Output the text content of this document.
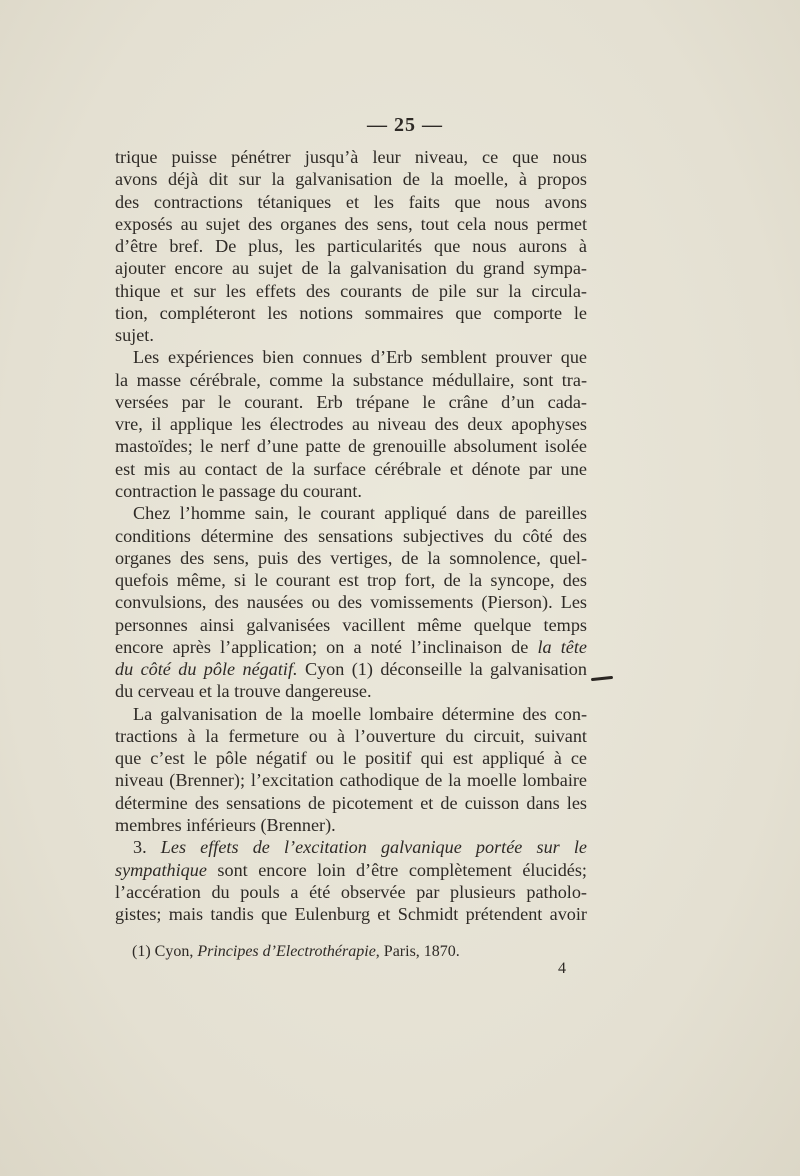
— 25 —
trique puisse pénétrer jusqu’à leur niveau, ce que nous
avons déjà dit sur la galvanisation de la moelle, à propos
des contractions tétaniques et les faits que nous avons
exposés au sujet des organes des sens, tout cela nous permet
d’être bref. De plus, les particularités que nous aurons à
ajouter encore au sujet de la galvanisation du grand sympa-
thique et sur les effets des courants de pile sur la circula-
tion, compléteront les notions sommaires que comporte le
sujet.
Les expériences bien connues d’Erb semblent prouver que
la masse cérébrale, comme la substance médullaire, sont tra-
versées par le courant. Erb trépane le crâne d’un cada-
vre, il applique les électrodes au niveau des deux apophyses
mastoïdes; le nerf d’une patte de grenouille absolument isolée
est mis au contact de la surface cérébrale et dénote par une
contraction le passage du courant.
Chez l’homme sain, le courant appliqué dans de pareilles
conditions détermine des sensations subjectives du côté des
organes des sens, puis des vertiges, de la somnolence, quel-
quefois même, si le courant est trop fort, de la syncope, des
convulsions, des nausées ou des vomissements (Pierson). Les
personnes ainsi galvanisées vacillent même quelque temps
encore après l’application; on a noté l’inclinaison de la tête
du côté du pôle négatif. Cyon (1) déconseille la galvanisation
du cerveau et la trouve dangereuse.
La galvanisation de la moelle lombaire détermine des con-
tractions à la fermeture ou à l’ouverture du circuit, suivant
que c’est le pôle négatif ou le positif qui est appliqué à ce
niveau (Brenner); l’excitation cathodique de la moelle lombaire
détermine des sensations de picotement et de cuisson dans les
membres inférieurs (Brenner).
3. Les effets de l’excitation galvanique portée sur le
sympathique sont encore loin d’être complètement élucidés;
l’accération du pouls a été observée par plusieurs patholo-
gistes; mais tandis que Eulenburg et Schmidt prétendent avoir
(1) Cyon, Principes d’Electrothérapie, Paris, 1870.
4
